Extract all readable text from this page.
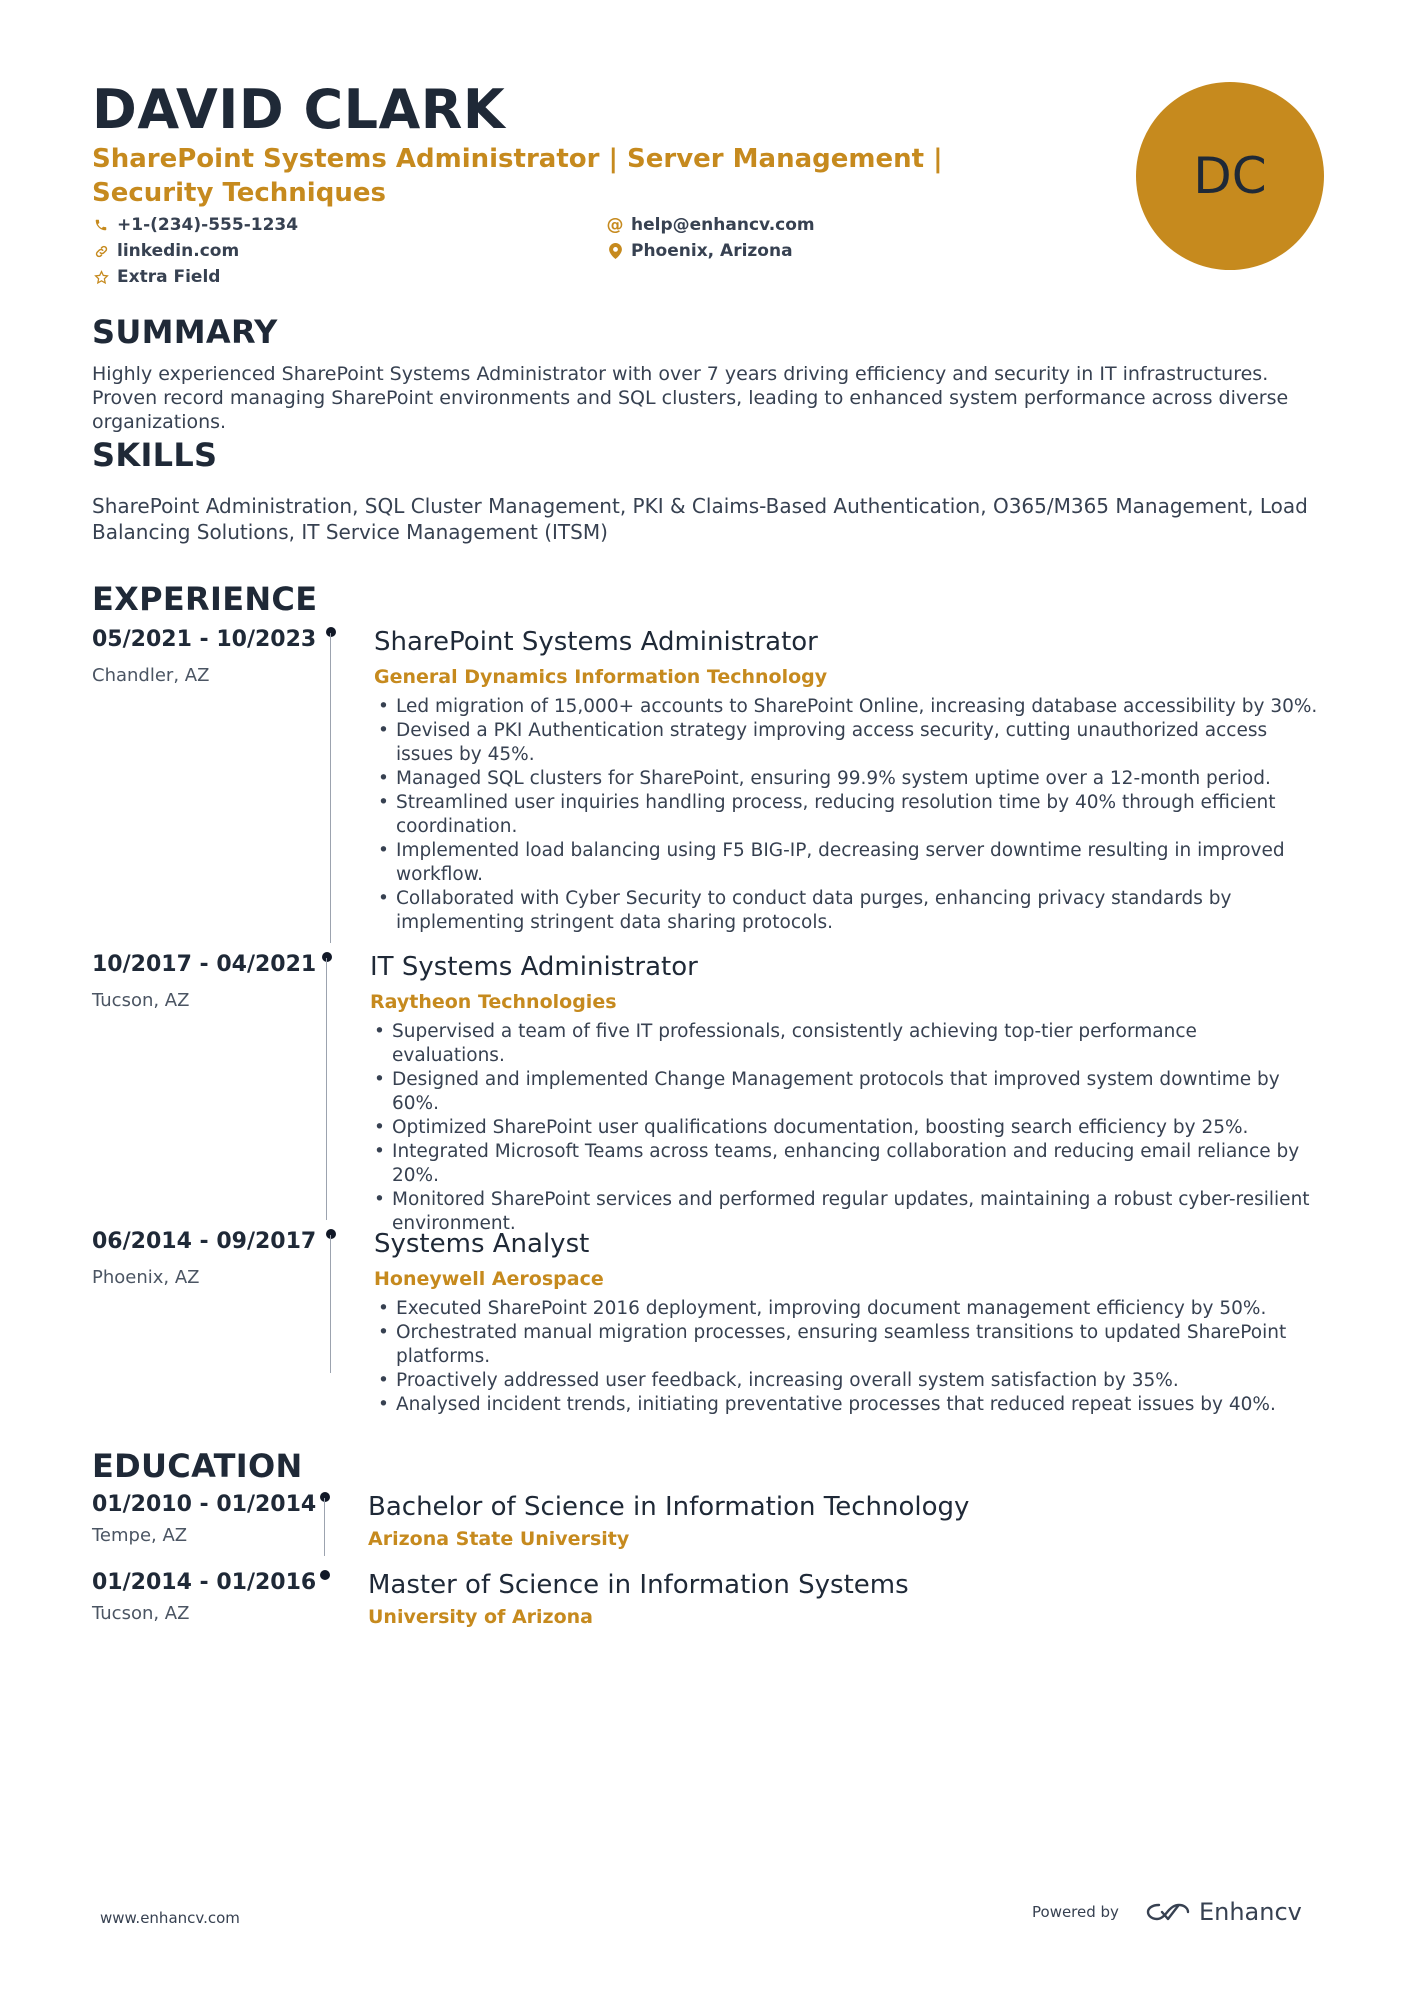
DAVID CLARK
SharePoint Systems Administrator | Server Management | Security Techniques
+1-(234)-555-1234
linkedin.com
Extra Field
@ help@enhancv.com
Phoenix, Arizona
DC
SUMMARY
Highly experienced SharePoint Systems Administrator with over 7 years driving efficiency and security in IT infrastructures. Proven record managing SharePoint environments and SQL clusters, leading to enhanced system performance across diverse organizations.
SKILLS
SharePoint Administration, SQL Cluster Management, PKI & Claims-Based Authentication, O365/M365 Management, Load Balancing Solutions, IT Service Management (ITSM)
EXPERIENCE
05/2021 - 10/2023
Chandler, AZ
SharePoint Systems Administrator
General Dynamics Information Technology
• Led migration of 15,000+ accounts to SharePoint Online, increasing database accessibility by 30%.
• Devised a PKI Authentication strategy improving access security, cutting unauthorized access issues by 45%.
• Managed SQL clusters for SharePoint, ensuring 99.9% system uptime over a 12-month period.
• Streamlined user inquiries handling process, reducing resolution time by 40% through efficient coordination.
• Implemented load balancing using F5 BIG-IP, decreasing server downtime resulting in improved workflow.
• Collaborated with Cyber Security to conduct data purges, enhancing privacy standards by implementing stringent data sharing protocols.
10/2017 - 04/2021
Tucson, AZ
IT Systems Administrator
Raytheon Technologies
• Supervised a team of five IT professionals, consistently achieving top-tier performance evaluations.
• Designed and implemented Change Management protocols that improved system downtime by 60%.
• Optimized SharePoint user qualifications documentation, boosting search efficiency by 25%.
• Integrated Microsoft Teams across teams, enhancing collaboration and reducing email reliance by 20%.
• Monitored SharePoint services and performed regular updates, maintaining a robust cyber-resilient environment.
06/2014 - 09/2017
Phoenix, AZ
Systems Analyst
Honeywell Aerospace
• Executed SharePoint 2016 deployment, improving document management efficiency by 50%.
• Orchestrated manual migration processes, ensuring seamless transitions to updated SharePoint platforms.
• Proactively addressed user feedback, increasing overall system satisfaction by 35%.
• Analysed incident trends, initiating preventative processes that reduced repeat issues by 40%.
EDUCATION
01/2010 - 01/2014
Tempe, AZ
Bachelor of Science in Information Technology
Arizona State University
01/2014 - 01/2016
Tucson, AZ
Master of Science in Information Systems
University of Arizona
www.enhancv.com	Powered by	Enhancv
